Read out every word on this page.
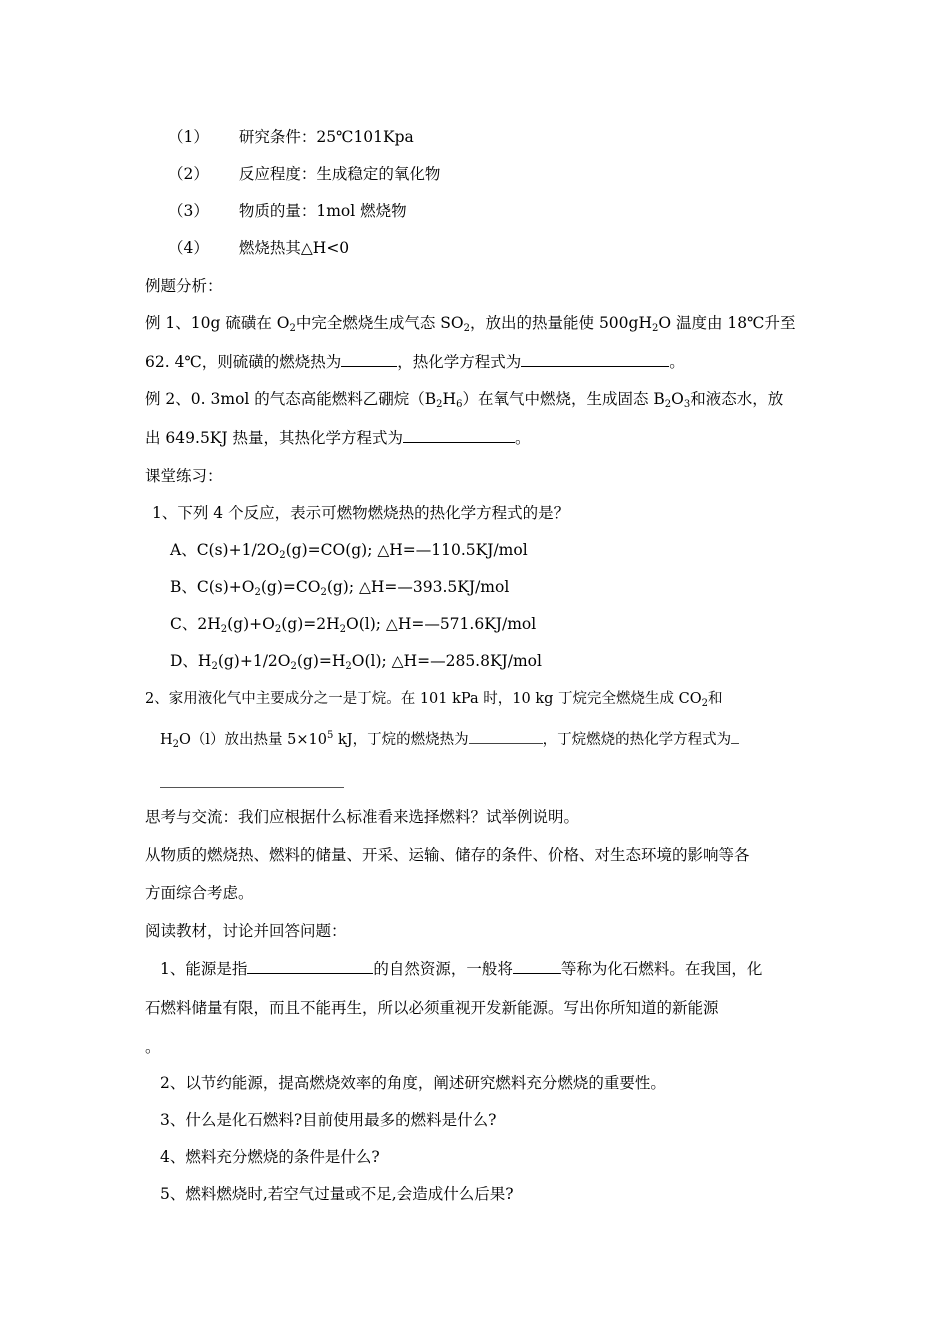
（1） 研究条件：25℃101Kpa
（2） 反应程度：生成稳定的氧化物
（3） 物质的量：1mol 燃烧物
（4） 燃烧热其△H<0
例题分析：
例 1、10g 硫磺在 $O_2$中完全燃烧生成气态 $SO_2$，放出的热量能使 $500gH_2O$ 温度由 18℃升至
62. 4℃，则硫磺的燃烧热为	，热化学方程式为	。
例 2、0. 3mol 的气态高能燃料乙硼烷$(B_2H_6)$在氧气中燃烧，生成固态 $B_2O_3$和液态水，放
出 649.5KJ 热量，其热化学方程式为	。
课堂练习：
1、下列 4 个反应，表示可燃物燃烧热的热化学方程式的是？
A、$C(s)+1/2O_2(g)=CO(g)$; △H=—110.5KJ/mol
B、$C(s)+O_2(g)=CO_2(g)$; △H=—393.5KJ/mol
C、$2H_2(g)+O_2(g)=2H_2O(l)$; △H=—571.6KJ/mol
D、$H_2(g)+1/2O_2(g)=H_2O(l)$; △H=—285.8KJ/mol
2、家用液化气中主要成分之一是丁烷。在 101 kPa 时，10 kg 丁烷完全燃烧生成 $CO_2$和
$H_2O(l)$放出热量 $5\times 10^5$ kJ，丁烷的燃烧热为	，丁烷燃烧的热化学方程式为
思考与交流：我们应根据什么标准看来选择燃料？试举例说明。
从物质的燃烧热、燃料的储量、开采、运输、储存的条件、价格、对生态环境的影响等各
方面综合考虑。
阅读教材，讨论并回答问题：
1、能源是指	的自然资源，一般将	等称为化石燃料。在我国，化
石燃料储量有限，而且不能再生，所以必须重视开发新能源。写出你所知道的新能源
。
2、以节约能源，提高燃烧效率的角度，阐述研究燃料充分燃烧的重要性。
3、什么是化石燃料?目前使用最多的燃料是什么?
4、燃料充分燃烧的条件是什么?
5、燃料燃烧时,若空气过量或不足,会造成什么后果?
